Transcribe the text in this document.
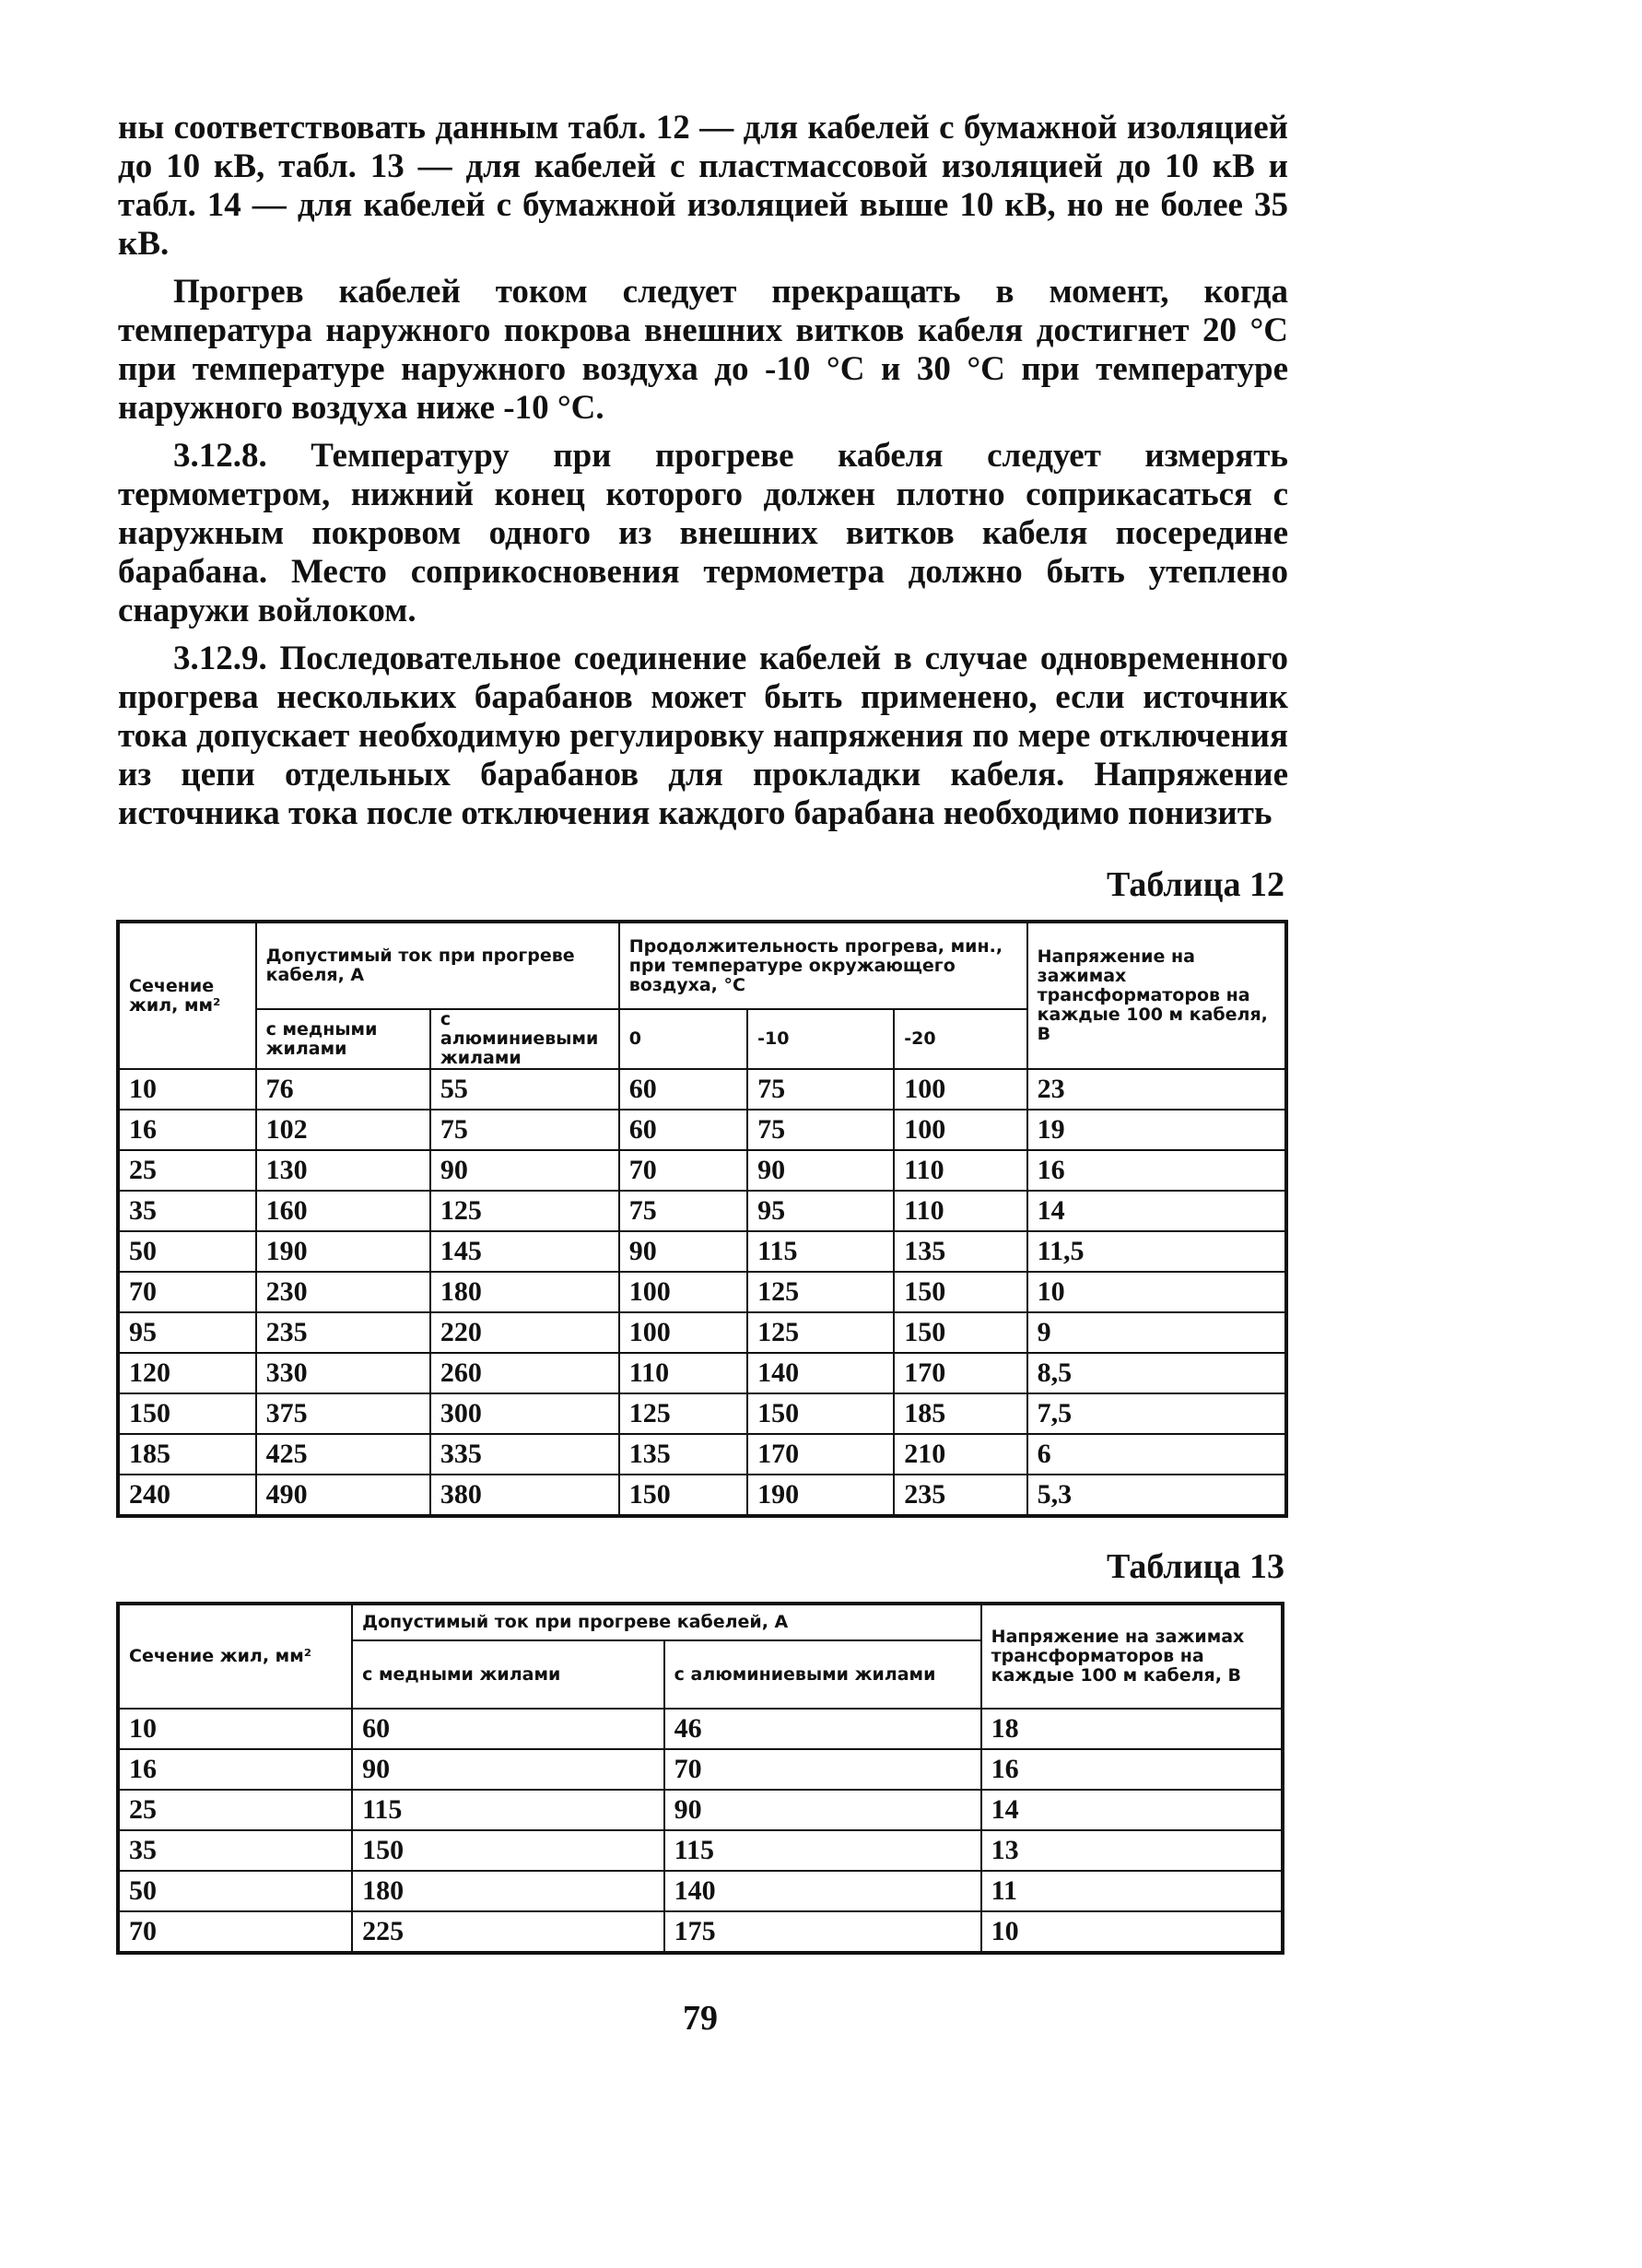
ны соответствовать данным табл. 12 — для кабелей с бумажной изоляцией до 10 кВ, табл. 13 — для кабелей с пластмассовой изоляцией до 10 кВ и табл. 14 — для кабелей с бумажной изоляцией выше 10 кВ, но не более 35 кВ.

Прогрев кабелей током следует прекращать в момент, когда температура наружного покрова внешних витков кабеля достигнет 20 °С при температуре наружного воздуха до -10 °С и 30 °С при температуре наружного воздуха ниже -10 °С.

3.12.8. Температуру при прогреве кабеля следует измерять термометром, нижний конец которого должен плотно соприкасаться с наружным покровом одного из внешних витков кабеля посередине барабана. Место соприкосновения термометра должно быть утеплено снаружи войлоком.

3.12.9. Последовательное соединение кабелей в случае одновременного прогрева нескольких барабанов может быть применено, если источник тока допускает необходимую регулировку напряжения по мере отключения из цепи отдельных барабанов для прокладки кабеля. Напряжение источника тока после отключения каждого барабана необходимо понизить

Таблица 12
Сечение жил, мм²	Допустимый ток при прогреве кабеля, А		Продолжительность прогрева, мин., при температуре окружающего воздуха, °С			Напряжение на зажимах трансформаторов на каждые 100 м кабеля, В
	с медными жилами	с алюминиевыми жилами	0	-10	-20	
10	76	55	60	75	100	23
16	102	75	60	75	100	19
25	130	90	70	90	110	16
35	160	125	75	95	110	14
50	190	145	90	115	135	11,5
70	230	180	100	125	150	10
95	235	220	100	125	150	9
120	330	260	110	140	170	8,5
150	375	300	125	150	185	7,5
185	425	335	135	170	210	6
240	490	380	150	190	235	5,3
Таблица 13
Сечение жил, мм²	Допустимый ток при прогреве кабелей, А		Напряжение на зажимах трансформаторов на каждые 100 м кабеля, В
	с медными жилами	с алюминиевыми жилами	
10	60	46	18
16	90	70	16
25	115	90	14
35	150	115	13
50	180	140	11
70	225	175	10
79
